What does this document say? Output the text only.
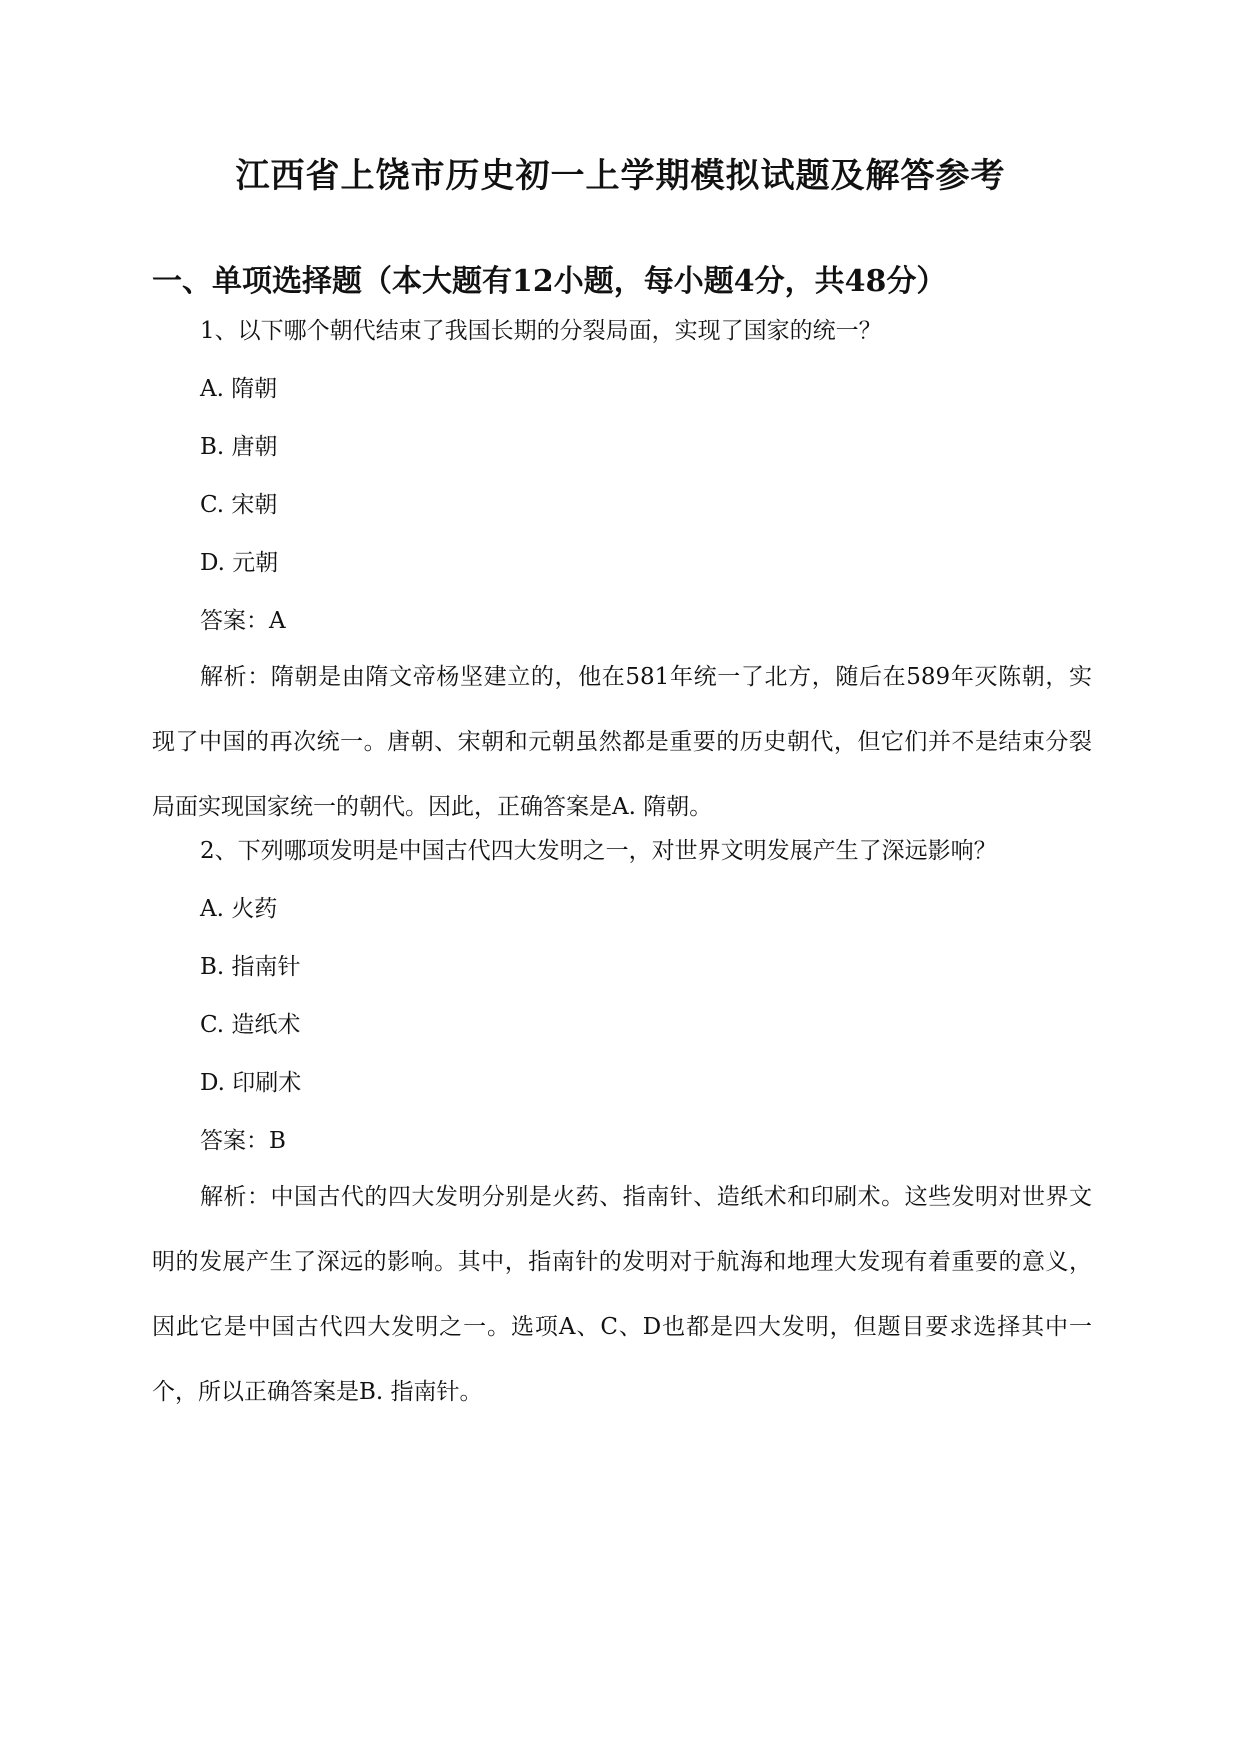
江西省上饶市历史初一上学期模拟试题及解答参考
一、单项选择题（本大题有12小题，每小题4分，共48分）
1、以下哪个朝代结束了我国长期的分裂局面，实现了国家的统一？
A. 隋朝
B. 唐朝
C. 宋朝
D. 元朝
答案：A
解析：隋朝是由隋文帝杨坚建立的，他在581年统一了北方，随后在589年灭陈朝，实现了中国的再次统一。唐朝、宋朝和元朝虽然都是重要的历史朝代，但它们并不是结束分裂局面实现国家统一的朝代。因此，正确答案是A. 隋朝。
2、下列哪项发明是中国古代四大发明之一，对世界文明发展产生了深远影响？
A. 火药
B. 指南针
C. 造纸术
D. 印刷术
答案：B
解析：中国古代的四大发明分别是火药、指南针、造纸术和印刷术。这些发明对世界文明的发展产生了深远的影响。其中，指南针的发明对于航海和地理大发现有着重要的意义，因此它是中国古代四大发明之一。选项A、C、D也都是四大发明，但题目要求选择其中一个，所以正确答案是B. 指南针。
